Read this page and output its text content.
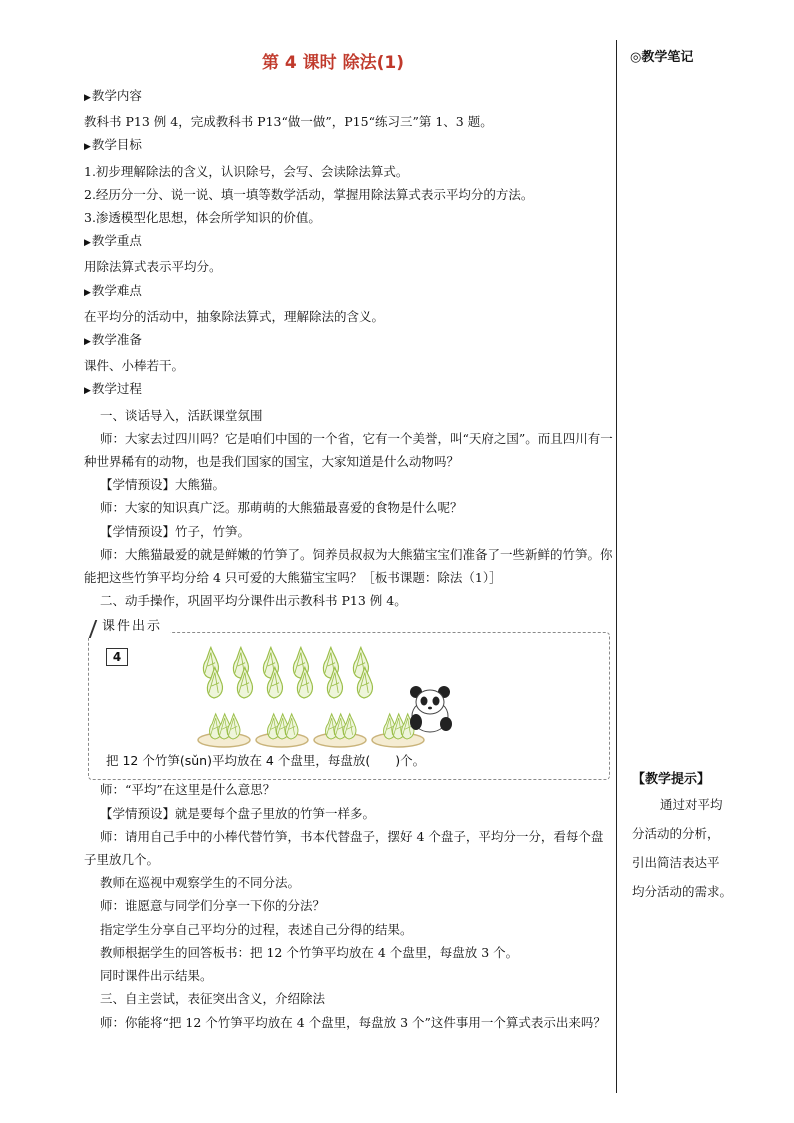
第 4 课时 除法(1)	◎教学笔记
【教学提示】
通过对平均
分活动的分析，
引出简洁表达平
均分活动的需求。

▶教学内容

教科书 P13 例 4，完成教科书 P13“做一做”，P15“练习三”第 1、3 题。

▶教学目标

1.初步理解除法的含义，认识除号，会写、会读除法算式。

2.经历分一分、说一说、填一填等数学活动，掌握用除法算式表示平均分的方法。

3.渗透模型化思想，体会所学知识的价值。

▶教学重点

用除法算式表示平均分。

▶教学难点

在平均分的活动中，抽象除法算式，理解除法的含义。

▶教学准备

课件、小棒若干。

▶教学过程

一、谈话导入，活跃课堂氛围

师：大家去过四川吗？它是咱们中国的一个省，它有一个美誉，叫“天府之国”。而且四川有一种世界稀有的动物，也是我们国家的国宝，大家知道是什么动物吗？

【学情预设】大熊猫。

师：大家的知识真广泛。那萌萌的大熊猫最喜爱的食物是什么呢？

【学情预设】竹子，竹笋。

师：大熊猫最爱的就是鲜嫩的竹笋了。饲养员叔叔为大熊猫宝宝们准备了一些新鲜的竹笋。你能把这些竹笋平均分给 4 只可爱的大熊猫宝宝吗？［板书课题：除法（1）］

二、动手操作，巩固平均分课件出示教科书 P13 例 4。

课件出示
4
把 12 个竹笋(sǔn)平均放在 4 个盘里，每盘放(　　)个。

师：“平均”在这里是什么意思？

【学情预设】就是要每个盘子里放的竹笋一样多。

师：请用自己手中的小棒代替竹笋，书本代替盘子，摆好 4 个盘子，平均分一分，看每个盘子里放几个。

教师在巡视中观察学生的不同分法。

师：谁愿意与同学们分享一下你的分法？

指定学生分享自己平均分的过程，表述自己分得的结果。

教师根据学生的回答板书：把 12 个竹笋平均放在 4 个盘里，每盘放 3 个。

同时课件出示结果。

三、自主尝试，表征突出含义，介绍除法

师：你能将“把 12 个竹笋平均放在 4 个盘里，每盘放 3 个”这件事用一个算式表示出来吗？
